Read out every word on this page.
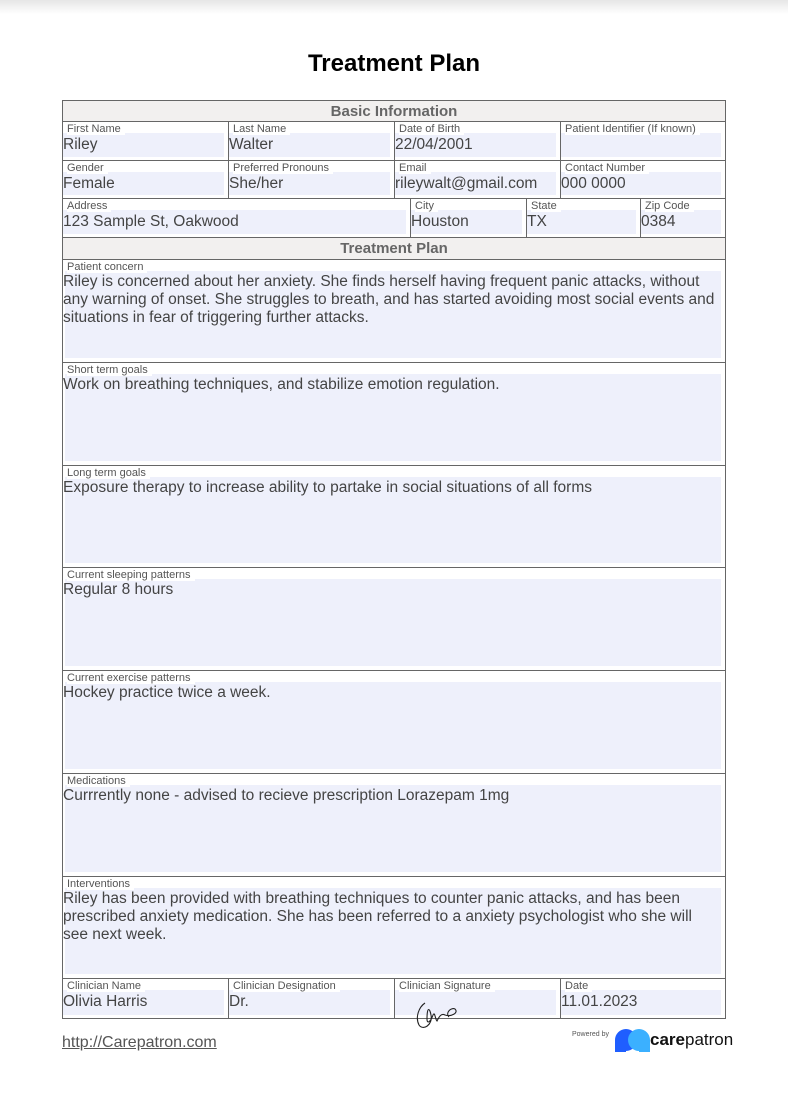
Treatment Plan
Basic Information
First Name
Riley
Last Name
Walter
Date of Birth
22/04/2001
Patient Identifier (If known)
Gender
Female
Preferred Pronouns
She/her
Email
rileywalt@gmail.com
Contact Number
000 0000
Address
123 Sample St, Oakwood
City
Houston
State
TX
Zip Code
0384
Treatment Plan
Patient concern
Riley is concerned about her anxiety. She finds herself having frequent panic attacks, without any warning of onset. She struggles to breath, and has started avoiding most social events and situations in fear of triggering further attacks.
Short term goals
Work on breathing techniques, and stabilize emotion regulation.
Long term goals
Exposure therapy to increase ability to partake in social situations of all forms
Current sleeping patterns
Regular 8 hours
Current exercise patterns
Hockey practice twice a week.
Medications
Currrently none - advised to recieve prescription Lorazepam 1mg
Interventions
Riley has been provided with breathing techniques to counter panic attacks, and has been prescribed anxiety medication. She has been referred to a anxiety psychologist who she will see next week.
Clinician Name
Olivia Harris
Clinician Designation
Dr.
Clinician Signature	Date
11.01.2023
http://Carepatron.com	Powered by carepatron
